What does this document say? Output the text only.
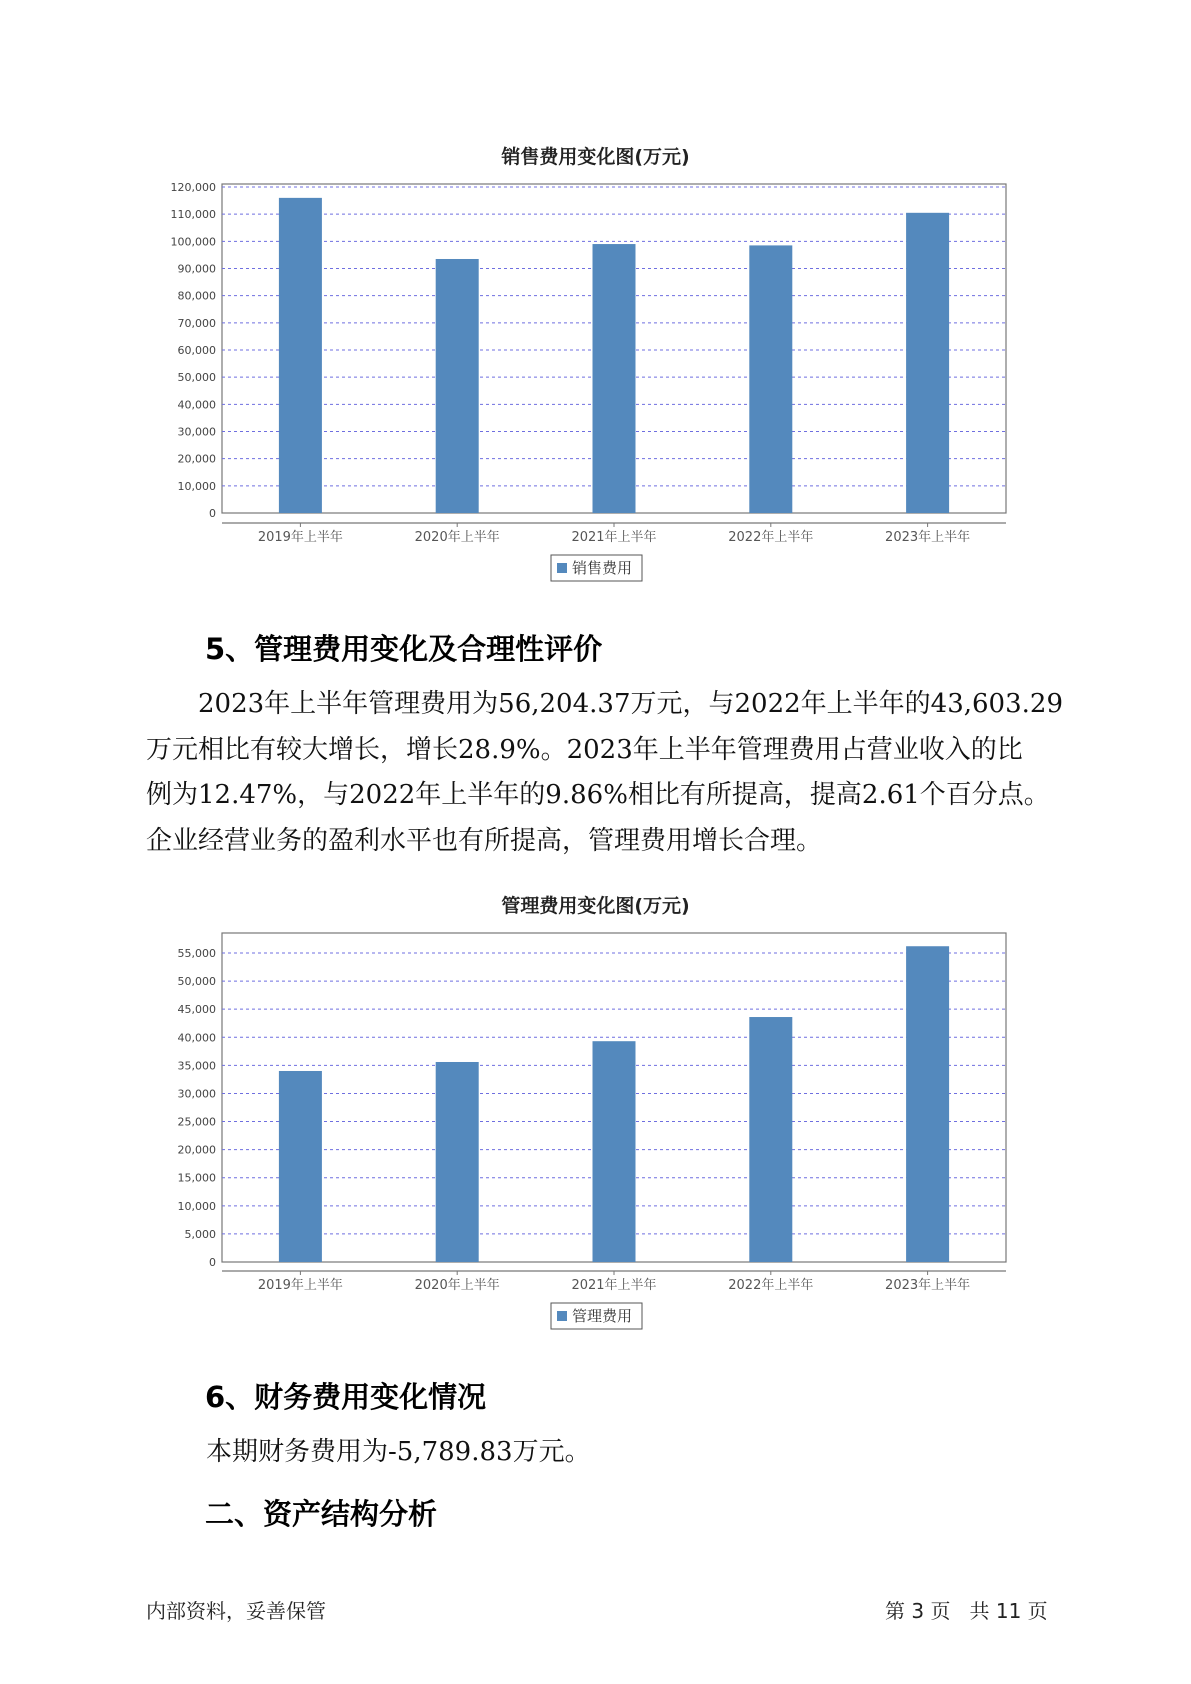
销售费用变化图(万元)
0
10,000
20,000
30,000
40,000
50,000
60,000
70,000
80,000
90,000
100,000
110,000
120,000
2019年上半年	2020年上半年	2021年上半年	2022年上半年	2023年上半年
销售费用
5、管理费用变化及合理性评价

2023年上半年管理费用为56,204.37万元，与2022年上半年的43,603.29
万元相比有较大增长，增长28.9%。2023年上半年管理费用占营业收入的比
例为12.47%，与2022年上半年的9.86%相比有所提高，提高2.61个百分点。
企业经营业务的盈利水平也有所提高，管理费用增长合理。

管理费用变化图(万元)
0
5,000
10,000
15,000
20,000
25,000
30,000
35,000
40,000
45,000
50,000
55,000
2019年上半年	2020年上半年	2021年上半年	2022年上半年	2023年上半年
管理费用
6、财务费用变化情况

本期财务费用为-5,789.83万元。

二、资产结构分析
内部资料，妥善保管	第 3 页   共 11 页
